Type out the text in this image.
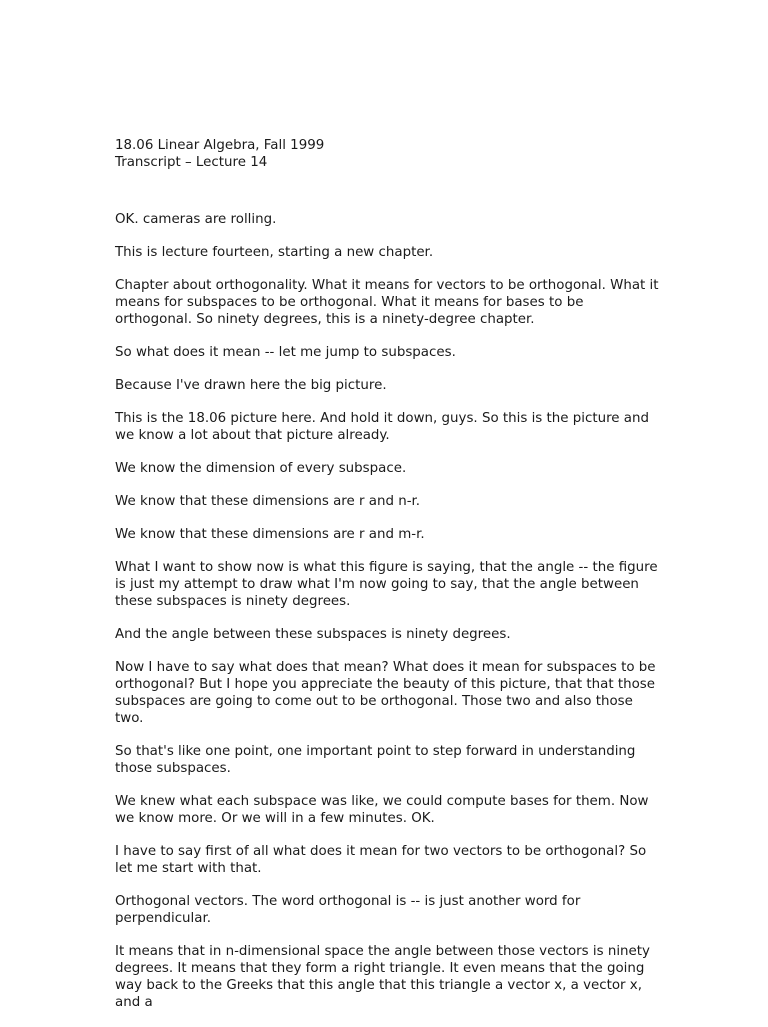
18.06 Linear Algebra, Fall 1999

Transcript – Lecture 14

OK. cameras are rolling.

This is lecture fourteen, starting a new chapter.

Chapter about orthogonality. What it means for vectors to be orthogonal. What it means for subspaces to be orthogonal. What it means for bases to be orthogonal. So ninety degrees, this is a ninety-degree chapter.

So what does it mean -- let me jump to subspaces.

Because I've drawn here the big picture.

This is the 18.06 picture here. And hold it down, guys. So this is the picture and we know a lot about that picture already.

We know the dimension of every subspace.

We know that these dimensions are r and n-r.

We know that these dimensions are r and m-r.

What I want to show now is what this figure is saying, that the angle -- the figure is just my attempt to draw what I'm now going to say, that the angle between these subspaces is ninety degrees.

And the angle between these subspaces is ninety degrees.

Now I have to say what does that mean? What does it mean for subspaces to be orthogonal? But I hope you appreciate the beauty of this picture, that that those subspaces are going to come out to be orthogonal. Those two and also those two.

So that's like one point, one important point to step forward in understanding those subspaces.

We knew what each subspace was like, we could compute bases for them. Now we know more. Or we will in a few minutes. OK.

I have to say first of all what does it mean for two vectors to be orthogonal? So let me start with that.

Orthogonal vectors. The word orthogonal is -- is just another word for perpendicular.

It means that in n-dimensional space the angle between those vectors is ninety degrees. It means that they form a right triangle. It even means that the going way back to the Greeks that this angle that this triangle a vector x, a vector x, and a
